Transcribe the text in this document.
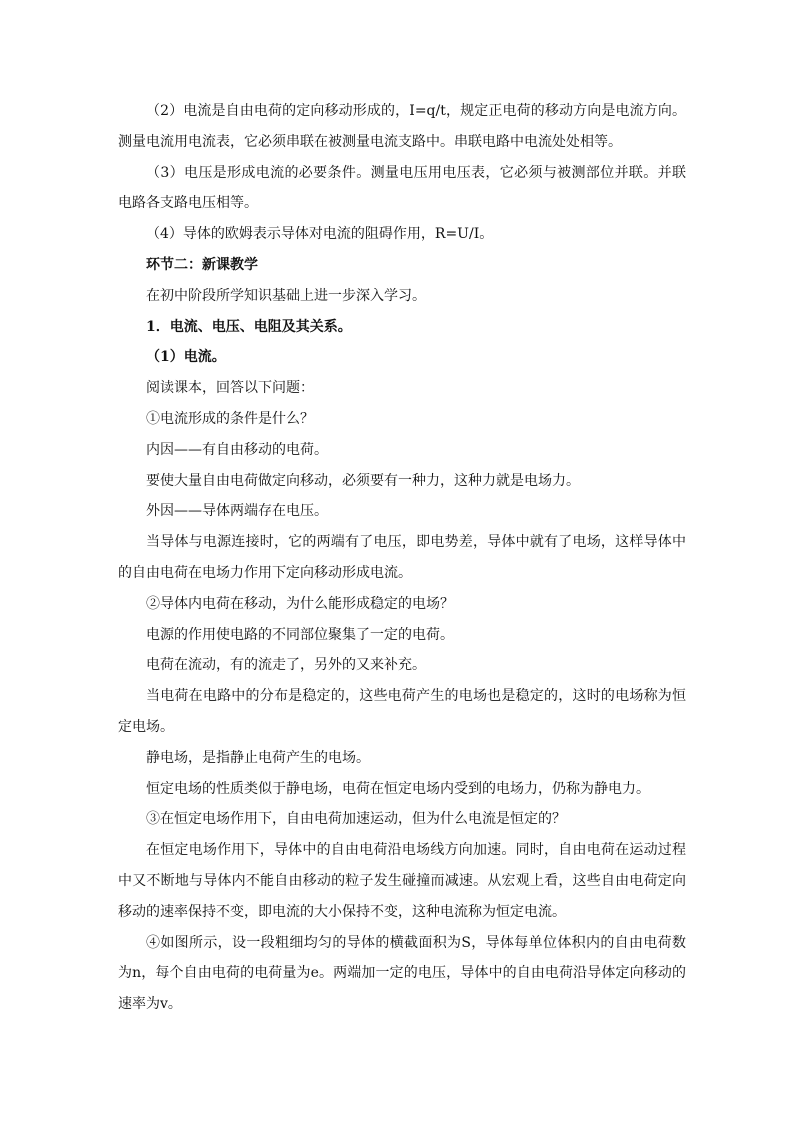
（2）电流是自由电荷的定向移动形成的，I=q/t，规定正电荷的移动方向是电流方向。测量电流用电流表，它必须串联在被测量电流支路中。串联电路中电流处处相等。

（3）电压是形成电流的必要条件。测量电压用电压表，它必须与被测部位并联。并联电路各支路电压相等。

（4）导体的欧姆表示导体对电流的阻碍作用，R=U/I。

环节二：新课教学

在初中阶段所学知识基础上进一步深入学习。

1．电流、电压、电阻及其关系。

（1）电流。

阅读课本，回答以下问题：

①电流形成的条件是什么？

内因——有自由移动的电荷。

要使大量自由电荷做定向移动，必须要有一种力，这种力就是电场力。

外因——导体两端存在电压。

当导体与电源连接时，它的两端有了电压，即电势差，导体中就有了电场，这样导体中的自由电荷在电场力作用下定向移动形成电流。

②导体内电荷在移动，为什么能形成稳定的电场？

电源的作用使电路的不同部位聚集了一定的电荷。

电荷在流动，有的流走了，另外的又来补充。

当电荷在电路中的分布是稳定的，这些电荷产生的电场也是稳定的，这时的电场称为恒定电场。

静电场，是指静止电荷产生的电场。

恒定电场的性质类似于静电场，电荷在恒定电场内受到的电场力，仍称为静电力。

③在恒定电场作用下，自由电荷加速运动，但为什么电流是恒定的？

在恒定电场作用下，导体中的自由电荷沿电场线方向加速。同时，自由电荷在运动过程中又不断地与导体内不能自由移动的粒子发生碰撞而减速。从宏观上看，这些自由电荷定向移动的速率保持不变，即电流的大小保持不变，这种电流称为恒定电流。

④如图所示，设一段粗细均匀的导体的横截面积为S，导体每单位体积内的自由电荷数为n，每个自由电荷的电荷量为e。两端加一定的电压，导体中的自由电荷沿导体定向移动的速率为v。
